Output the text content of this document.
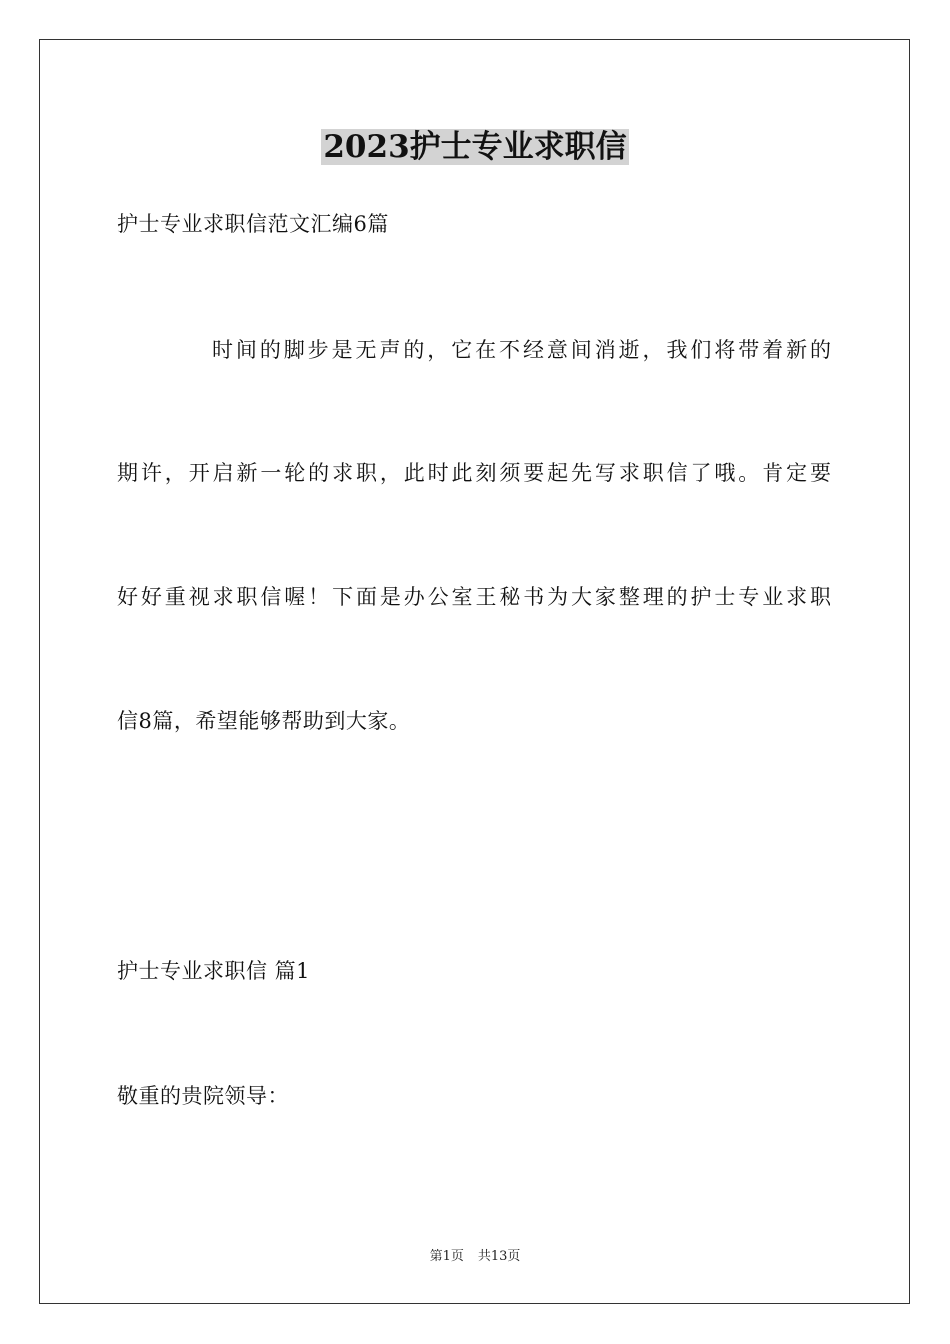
2023护士专业求职信
护士专业求职信范文汇编6篇
时间的脚步是无声的，它在不经意间消逝，我们将带着新的
期许，开启新一轮的求职，此时此刻须要起先写求职信了哦。肯定要
好好重视求职信喔！下面是办公室王秘书为大家整理的护士专业求职
信8篇，希望能够帮助到大家。
护士专业求职信 篇1
敬重的贵院领导：
第1页 共13页
